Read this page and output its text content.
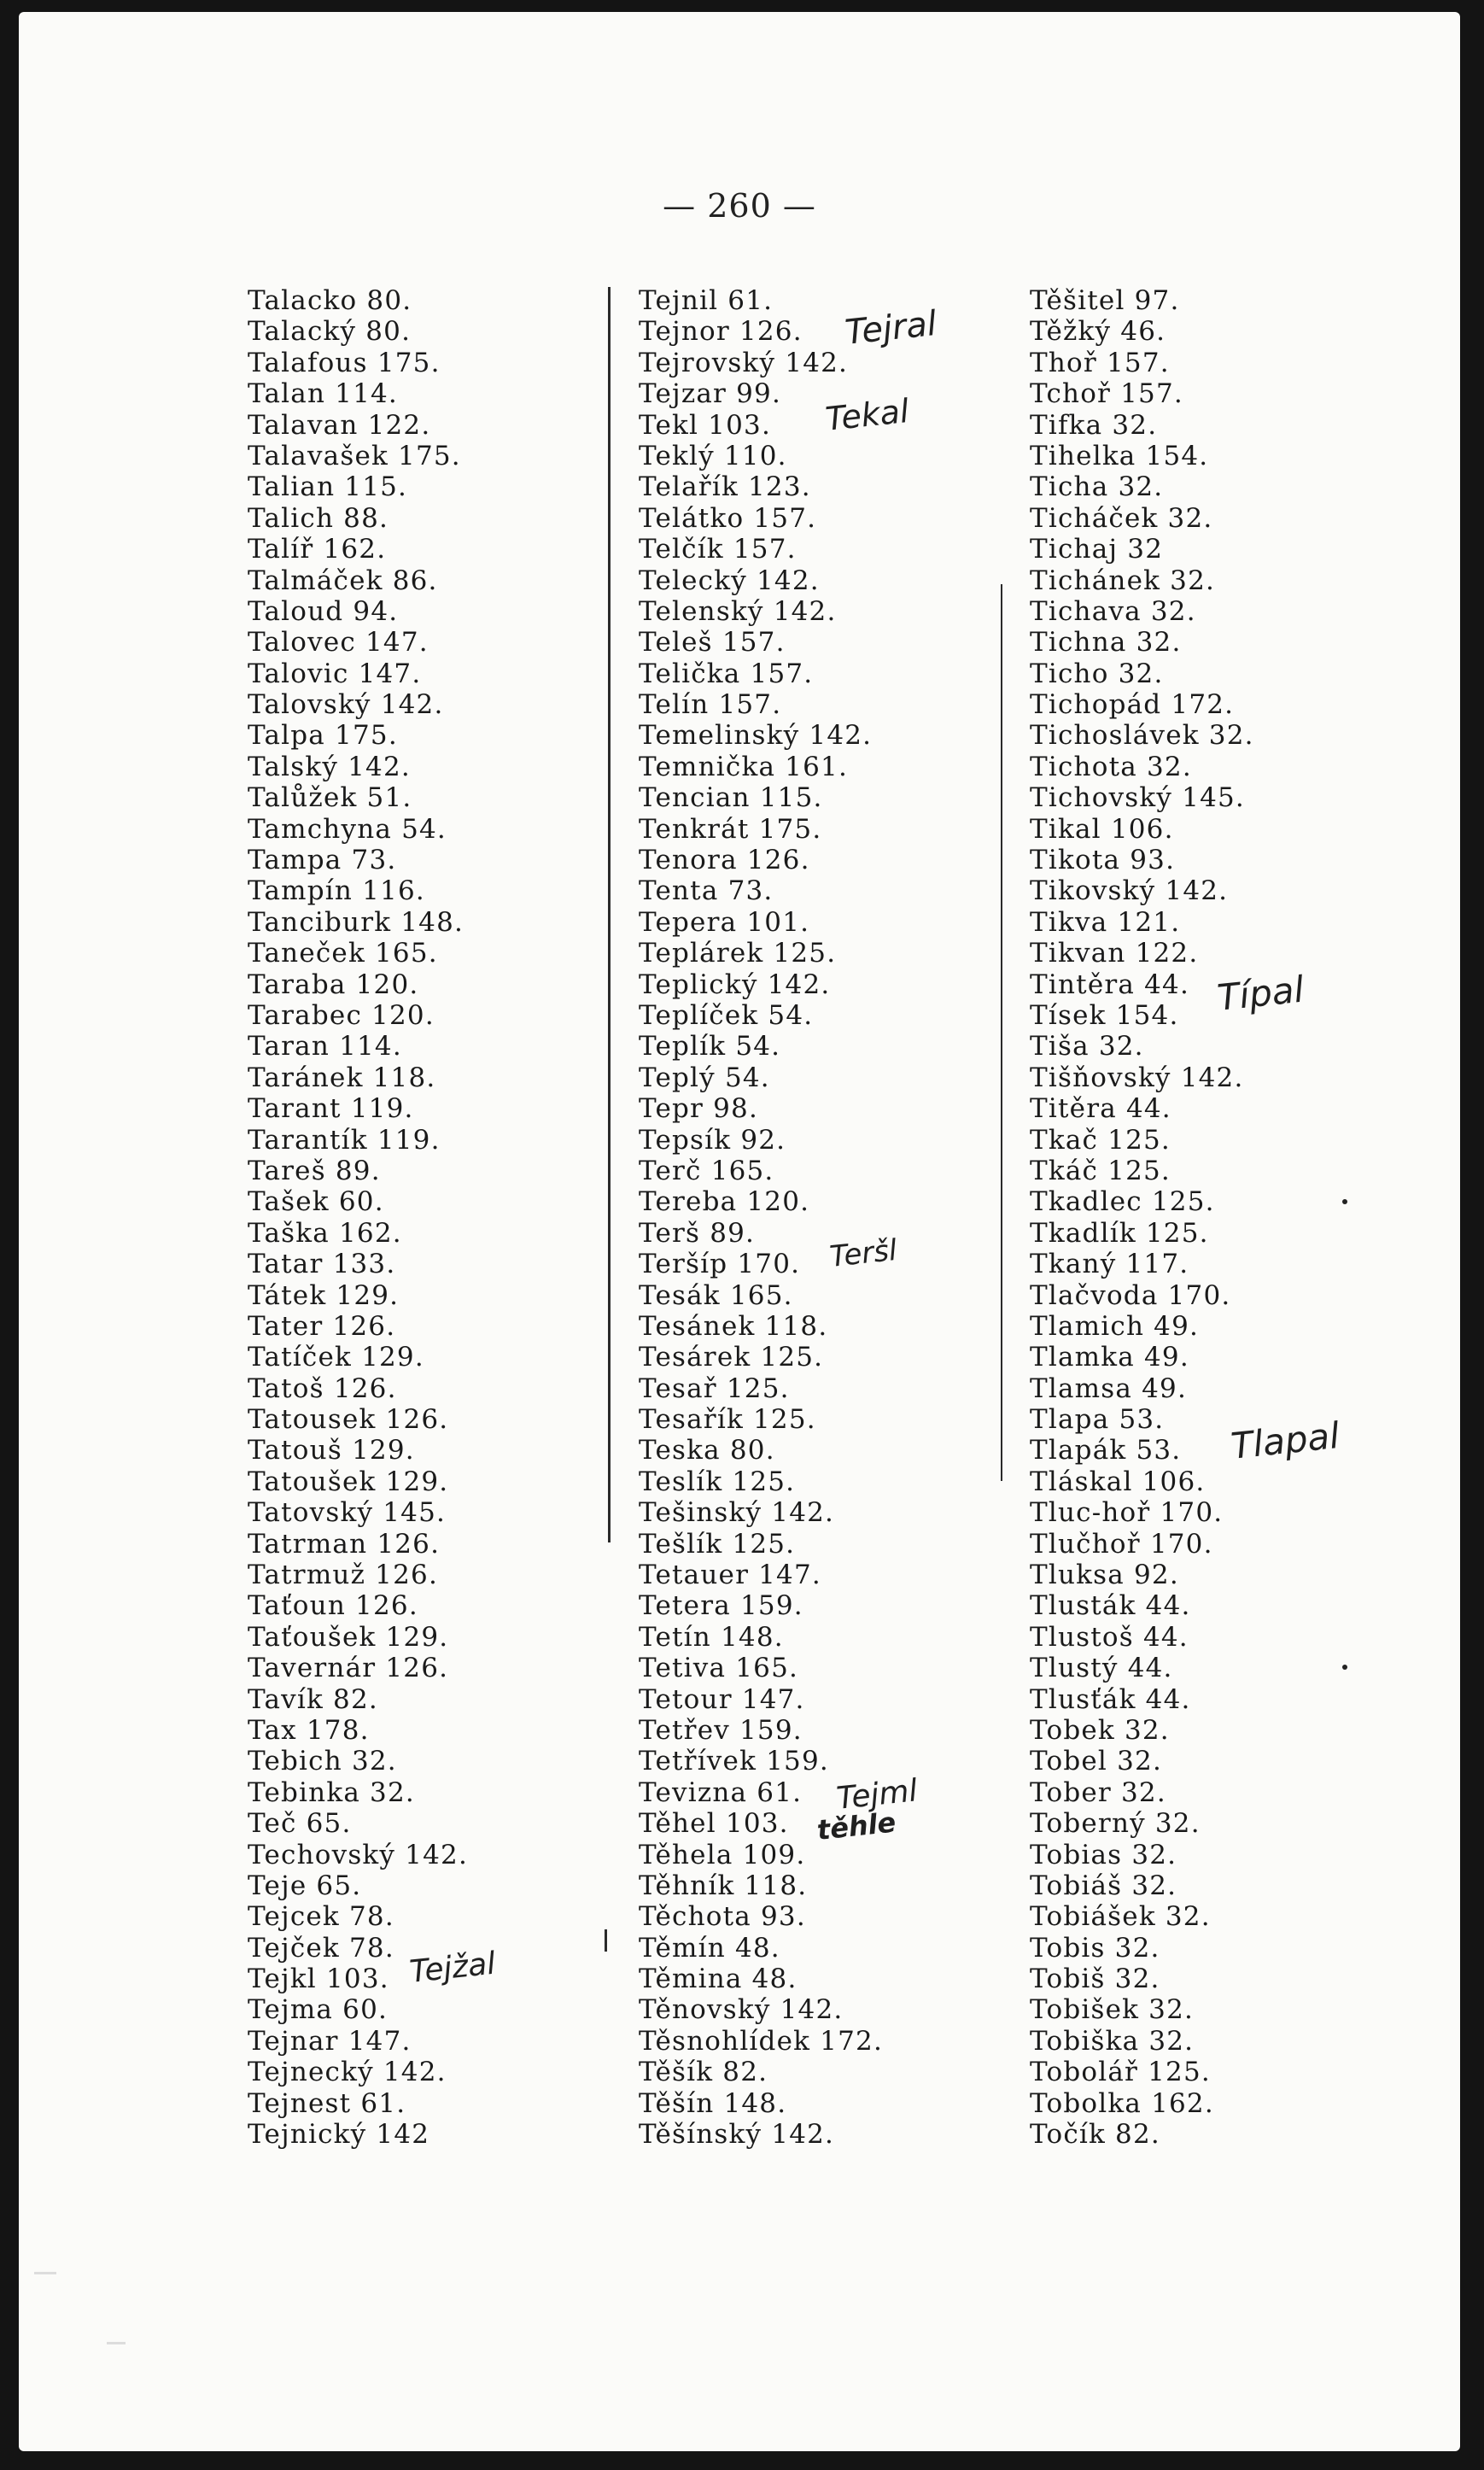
— 260 —
Talacko 80.
Talacký 80.
Talafous 175.
Talan 114.
Talavan 122.
Talavašek 175.
Talian 115.
Talich 88.
Talíř 162.
Talmáček 86.
Taloud 94.
Talovec 147.
Talovic 147.
Talovský 142.
Talpa 175.
Talský 142.
Talůžek 51.
Tamchyna 54.
Tampa 73.
Tampín 116.
Tanciburk 148.
Taneček 165.
Taraba 120.
Tarabec 120.
Taran 114.
Taránek 118.
Tarant 119.
Tarantík 119.
Tareš 89.
Tašek 60.
Taška 162.
Tatar 133.
Tátek 129.
Tater 126.
Tatíček 129.
Tatoš 126.
Tatousek 126.
Tatouš 129.
Tatoušek 129.
Tatovský 145.
Tatrman 126.
Tatrmuž 126.
Taťoun 126.
Taťoušek 129.
Tavernár 126.
Tavík 82.
Tax 178.
Tebich 32.
Tebinka 32.
Teč 65.
Techovský 142.
Teje 65.
Tejcek 78.
Tejček 78.
Tejkl 103.
Tejma 60.
Tejnar 147.
Tejnecký 142.
Tejnest 61.
Tejnický 142
Tejnil 61.
Tejnor 126.
Tejrovský 142.
Tejzar 99.
Tekl 103.
Teklý 110.
Telařík 123.
Telátko 157.
Telčík 157.
Telecký 142.
Telenský 142.
Teleš 157.
Telička 157.
Telín 157.
Temelinský 142.
Temnička 161.
Tencian 115.
Tenkrát 175.
Tenora 126.
Tenta 73.
Tepera 101.
Teplárek 125.
Teplický 142.
Teplíček 54.
Teplík 54.
Teplý 54.
Tepr 98.
Tepsík 92.
Terč 165.
Tereba 120.
Terš 89.
Teršíp 170.
Tesák 165.
Tesánek 118.
Tesárek 125.
Tesař 125.
Tesařík 125.
Teska 80.
Teslík 125.
Tešinský 142.
Tešlík 125.
Tetauer 147.
Tetera 159.
Tetín 148.
Tetiva 165.
Tetour 147.
Tetřev 159.
Tetřívek 159.
Tevizna 61.
Těhel 103.
Těhela 109.
Těhník 118.
Těchota 93.
Těmín 48.
Těmina 48.
Těnovský 142.
Těsnohlídek 172.
Těšík 82.
Těšín 148.
Těšínský 142.
Těšitel 97.
Těžký 46.
Thoř 157.
Tchoř 157.
Tifka 32.
Tihelka 154.
Ticha 32.
Ticháček 32.
Tichaj 32
Tichánek 32.
Tichava 32.
Tichna 32.
Ticho 32.
Tichopád 172.
Tichoslávek 32.
Tichota 32.
Tichovský 145.
Tikal 106.
Tikota 93.
Tikovský 142.
Tikva 121.
Tikvan 122.
Tintěra 44.
Tísek 154.
Tiša 32.
Tišňovský 142.
Titěra 44.
Tkač 125.
Tkáč 125.
Tkadlec 125.
Tkadlík 125.
Tkaný 117.
Tlačvoda 170.
Tlamich 49.
Tlamka 49.
Tlamsa 49.
Tlapa 53.
Tlapák 53.
Tláskal 106.
Tluc-hoř 170.
Tlučhoř 170.
Tluksa 92.
Tlusták 44.
Tlustoš 44.
Tlustý 44.
Tlusťák 44.
Tobek 32.
Tobel 32.
Tober 32.
Toberný 32.
Tobias 32.
Tobiáš 32.
Tobiášek 32.
Tobis 32.
Tobiš 32.
Tobišek 32.
Tobiška 32.
Tobolář 125.
Tobolka 162.
Točík 82.
Tejral
Tekal
Teršl
Tejml
těhle
Tejžal
Típal
Tlapal
